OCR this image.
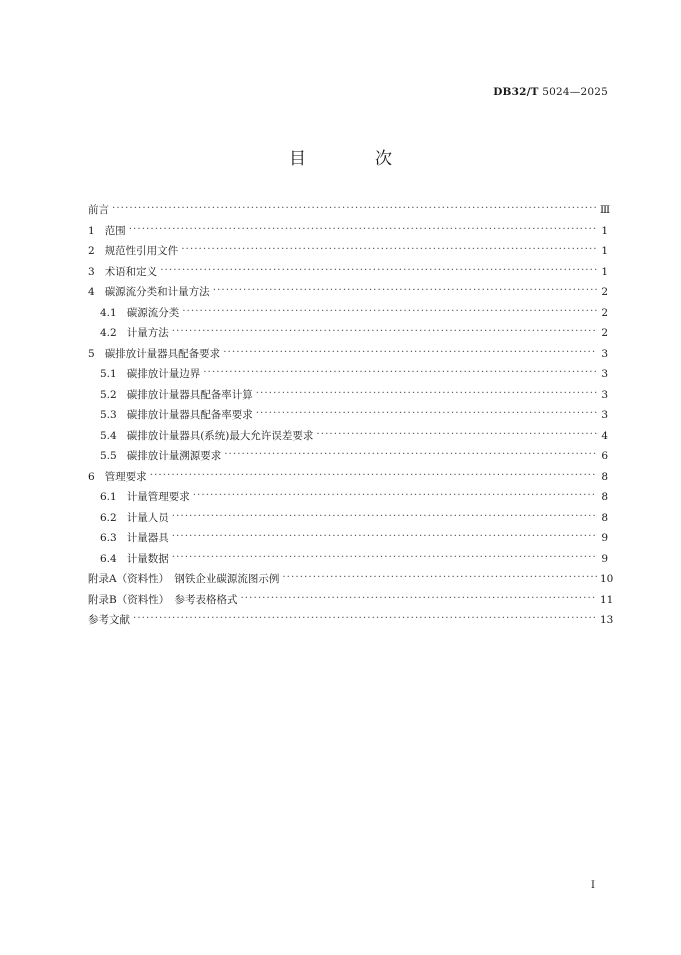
DB32/T 5024—2025
目　次
前言 ·····	Ⅲ
1 范围 ·····	1
2 规范性引用文件 ·····	1
3 术语和定义 ·····	1
4 碳源流分类和计量方法 ·····	2
4.1 碳源流分类 ·····	2
4.2 计量方法 ·····	2
5 碳排放计量器具配备要求 ·····	3
5.1 碳排放计量边界 ·····	3
5.2 碳排放计量器具配备率计算 ·····	3
5.3 碳排放计量器具配备率要求 ·····	3
5.4 碳排放计量器具(系统)最大允许误差要求 ·····	4
5.5 碳排放计量溯源要求 ·····	6
6 管理要求 ·····	8
6.1 计量管理要求 ·····	8
6.2 计量人员 ·····	8
6.3 计量器具 ·····	9
6.4 计量数据 ·····	9
附录A（资料性）　钢铁企业碳源流图示例 ·····	10
附录B（资料性）　参考表格格式 ·····	11
参考文献 ·····	13
I
